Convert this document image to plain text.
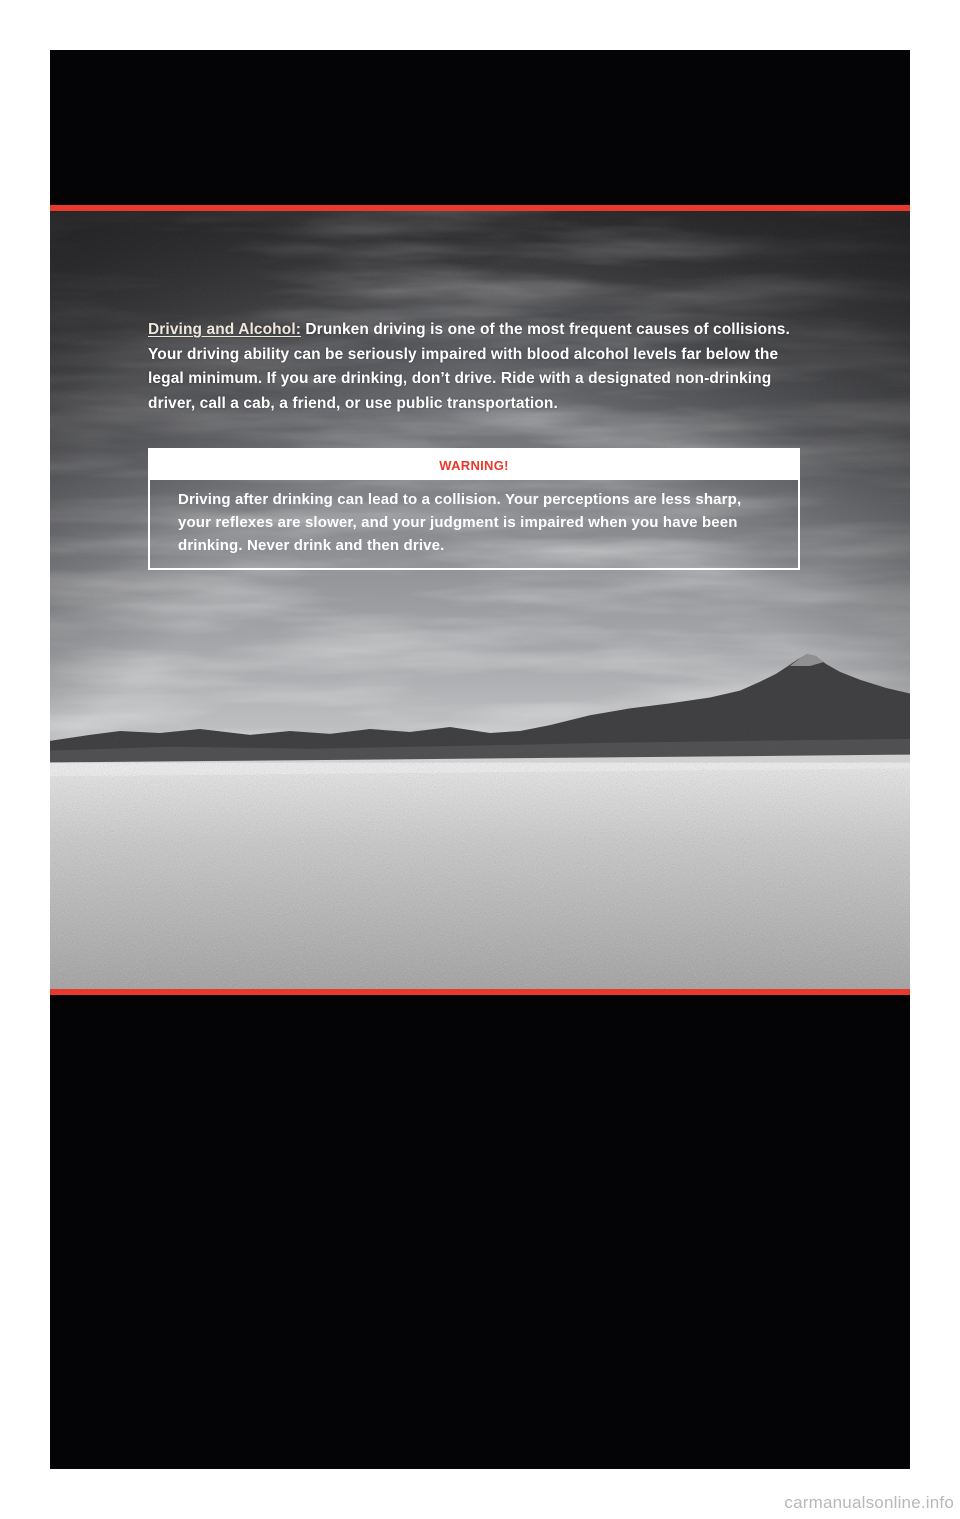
Driving and Alcohol: Drunken driving is one of the most frequent causes of collisions. Your driving ability can be seriously impaired with blood alcohol levels far below the legal minimum. If you are drinking, don’t drive. Ride with a designated non-drinking driver, call a cab, a friend, or use public transportation.

WARNING!
Driving after drinking can lead to a collision. Your perceptions are less sharp, your reflexes are slower, and your judgment is impaired when you have been drinking. Never drink and then drive.
carmanualsonline.info
